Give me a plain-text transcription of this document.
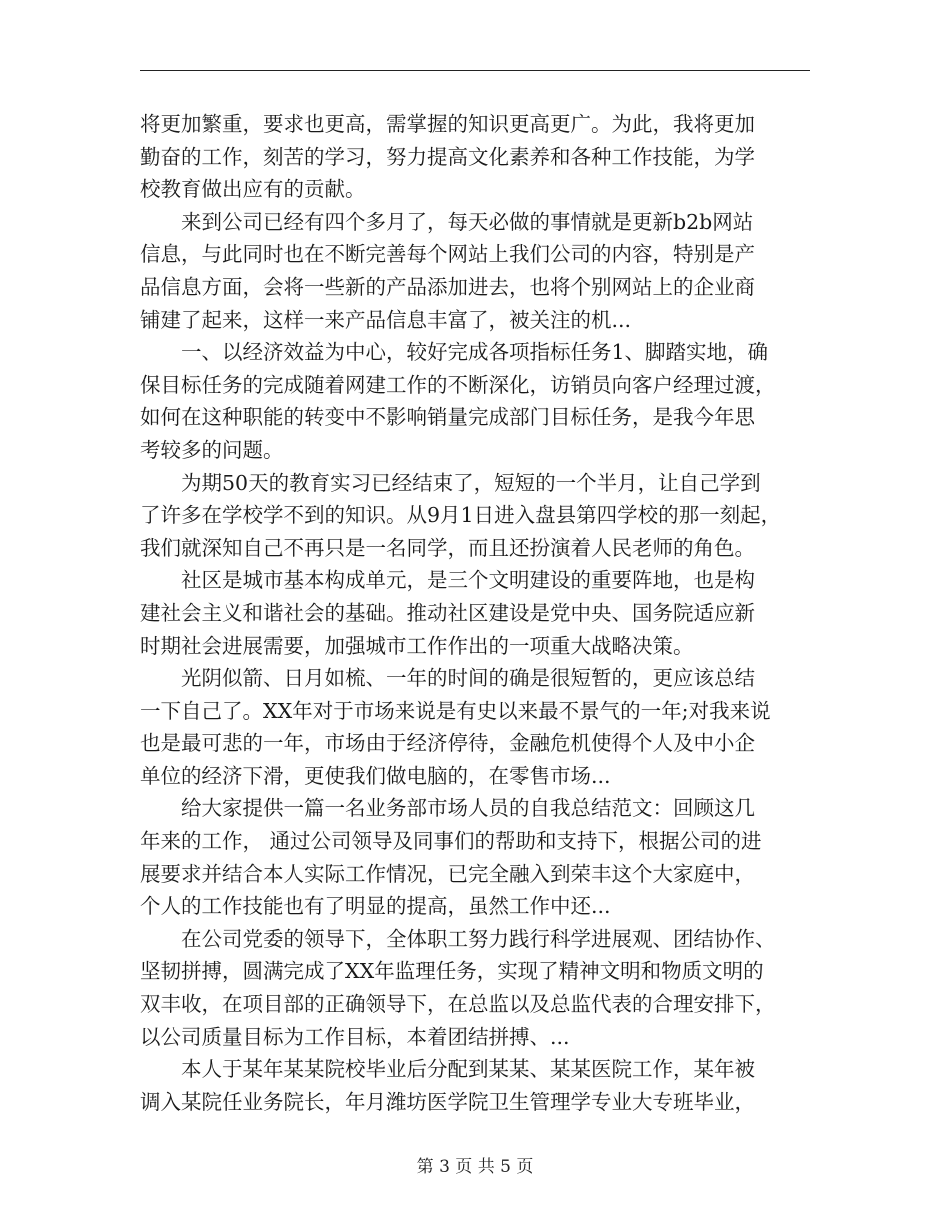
将更加繁重，要求也更高，需掌握的知识更高更广。为此，我将更加
勤奋的工作，刻苦的学习，努力提高文化素养和各种工作技能，为学
校教育做出应有的贡献。
来到公司已经有四个多月了，每天必做的事情就是更新b2b网站
信息，与此同时也在不断完善每个网站上我们公司的内容，特别是产
品信息方面，会将一些新的产品添加进去，也将个别网站上的企业商
铺建了起来，这样一来产品信息丰富了，被关注的机...
一、以经济效益为中心，较好完成各项指标任务1、脚踏实地，确
保目标任务的完成随着网建工作的不断深化，访销员向客户经理过渡，
如何在这种职能的转变中不影响销量完成部门目标任务，是我今年思
考较多的问题。
为期50天的教育实习已经结束了，短短的一个半月，让自己学到
了许多在学校学不到的知识。从9月1日进入盘县第四学校的那一刻起，
我们就深知自己不再只是一名同学，而且还扮演着人民老师的角色。
社区是城市基本构成单元，是三个文明建设的重要阵地，也是构
建社会主义和谐社会的基础。推动社区建设是党中央、国务院适应新
时期社会进展需要，加强城市工作作出的一项重大战略决策。
光阴似箭、日月如梳、一年的时间的确是很短暂的，更应该总结
一下自己了。XX年对于市场来说是有史以来最不景气的一年;对我来说
也是最可悲的一年，市场由于经济停待，金融危机使得个人及中小企
单位的经济下滑，更使我们做电脑的，在零售市场...
给大家提供一篇一名业务部市场人员的自我总结范文：回顾这几
年来的工作， 通过公司领导及同事们的帮助和支持下，根据公司的进
展要求并结合本人实际工作情况，已完全融入到荣丰这个大家庭中，
个人的工作技能也有了明显的提高，虽然工作中还...
在公司党委的领导下，全体职工努力践行科学进展观、团结协作、
坚韧拼搏，圆满完成了XX年监理任务，实现了精神文明和物质文明的
双丰收，在项目部的正确领导下，在总监以及总监代表的合理安排下，
以公司质量目标为工作目标，本着团结拼搏、...
本人于某年某某院校毕业后分配到某某、某某医院工作，某年被
调入某院任业务院长，年月潍坊医学院卫生管理学专业大专班毕业，
第 3 页 共 5 页
